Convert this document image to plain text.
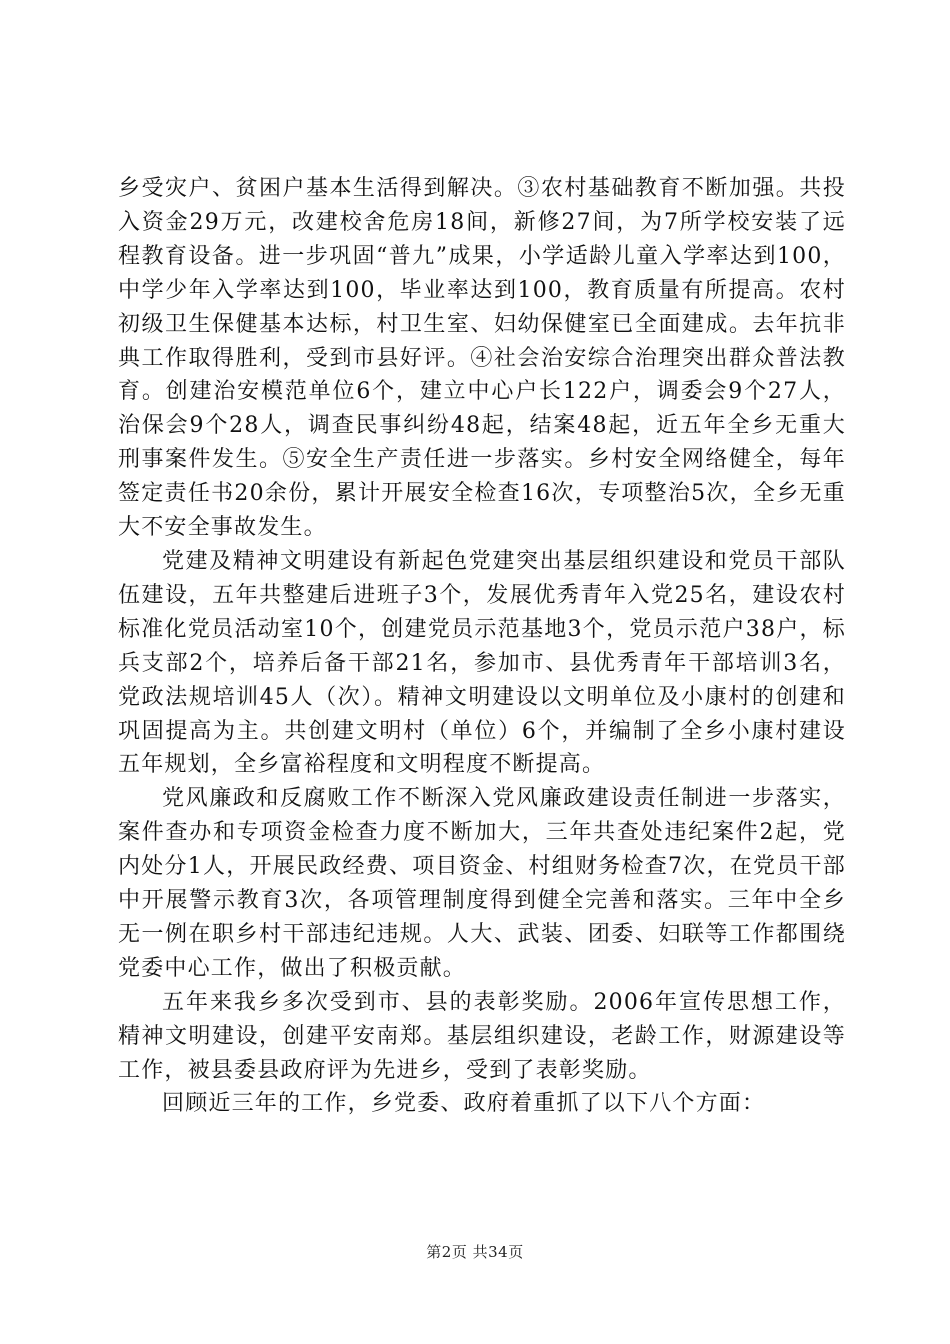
乡受灾户、贫困户基本生活得到解决。③农村基础教育不断加强。共投入资金29万元，改建校舍危房18间，新修27间，为7所学校安装了远程教育设备。进一步巩固“普九”成果，小学适龄儿童入学率达到100，中学少年入学率达到100，毕业率达到100，教育质量有所提高。农村初级卫生保健基本达标，村卫生室、妇幼保健室已全面建成。去年抗非典工作取得胜利，受到市县好评。④社会治安综合治理突出群众普法教育。创建治安模范单位6个，建立中心户长122户，调委会9个27人，治保会9个28人，调查民事纠纷48起，结案48起，近五年全乡无重大刑事案件发生。⑤安全生产责任进一步落实。乡村安全网络健全，每年签定责任书20余份，累计开展安全检查16次，专项整治5次，全乡无重大不安全事故发生。

党建及精神文明建设有新起色党建突出基层组织建设和党员干部队伍建设，五年共整建后进班子3个，发展优秀青年入党25名，建设农村标准化党员活动室10个，创建党员示范基地3个，党员示范户38户，标兵支部2个，培养后备干部21名，参加市、县优秀青年干部培训3名，党政法规培训45人（次）。精神文明建设以文明单位及小康村的创建和巩固提高为主。共创建文明村（单位）6个，并编制了全乡小康村建设五年规划，全乡富裕程度和文明程度不断提高。

党风廉政和反腐败工作不断深入党风廉政建设责任制进一步落实，案件查办和专项资金检查力度不断加大，三年共查处违纪案件2起，党内处分1人，开展民政经费、项目资金、村组财务检查7次，在党员干部中开展警示教育3次，各项管理制度得到健全完善和落实。三年中全乡无一例在职乡村干部违纪违规。人大、武装、团委、妇联等工作都围绕党委中心工作，做出了积极贡献。

五年来我乡多次受到市、县的表彰奖励。2006年宣传思想工作，精神文明建设，创建平安南郑。基层组织建设，老龄工作，财源建设等工作，被县委县政府评为先进乡，受到了表彰奖励。

回顾近三年的工作，乡党委、政府着重抓了以下八个方面：

第2页 共34页
